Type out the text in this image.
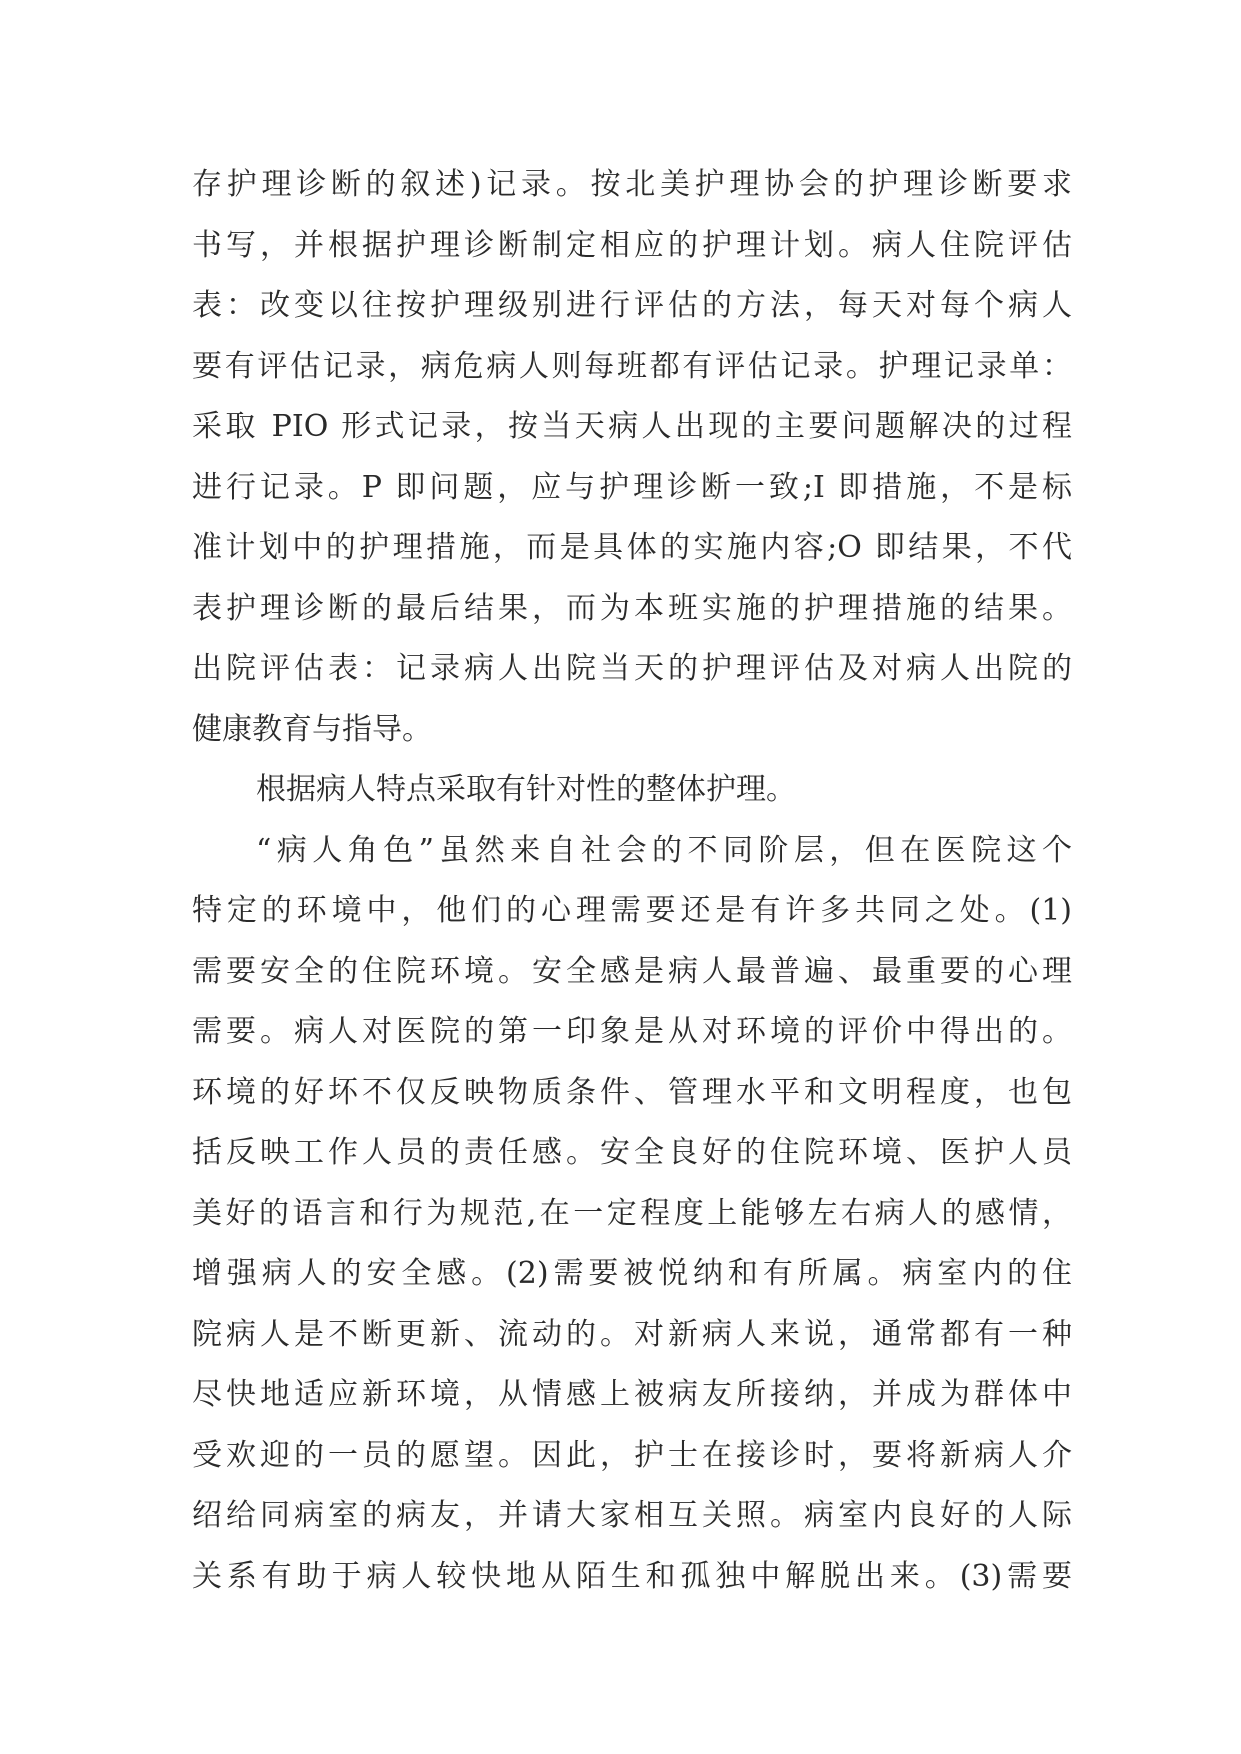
存护理诊断的叙述)记录。按北美护理协会的护理诊断要求
书写，并根据护理诊断制定相应的护理计划。病人住院评估
表：改变以往按护理级别进行评估的方法，每天对每个病人
要有评估记录，病危病人则每班都有评估记录。护理记录单：
采取 PIO 形式记录，按当天病人出现的主要问题解决的过程
进行记录。P 即问题，应与护理诊断一致;I 即措施，不是标
准计划中的护理措施，而是具体的实施内容;O 即结果，不代
表护理诊断的最后结果，而为本班实施的护理措施的结果。
出院评估表：记录病人出院当天的护理评估及对病人出院的
健康教育与指导。
根据病人特点采取有针对性的整体护理。
“病人角色”虽然来自社会的不同阶层，但在医院这个
特定的环境中，他们的心理需要还是有许多共同之处。(1)
需要安全的住院环境。安全感是病人最普遍、最重要的心理
需要。病人对医院的第一印象是从对环境的评价中得出的。
环境的好坏不仅反映物质条件、管理水平和文明程度，也包
括反映工作人员的责任感。安全良好的住院环境、医护人员
美好的语言和行为规范,在一定程度上能够左右病人的感情，
增强病人的安全感。(2)需要被悦纳和有所属。病室内的住
院病人是不断更新、流动的。对新病人来说，通常都有一种
尽快地适应新环境，从情感上被病友所接纳，并成为群体中
受欢迎的一员的愿望。因此，护士在接诊时，要将新病人介
绍给同病室的病友，并请大家相互关照。病室内良好的人际
关系有助于病人较快地从陌生和孤独中解脱出来。(3)需要
